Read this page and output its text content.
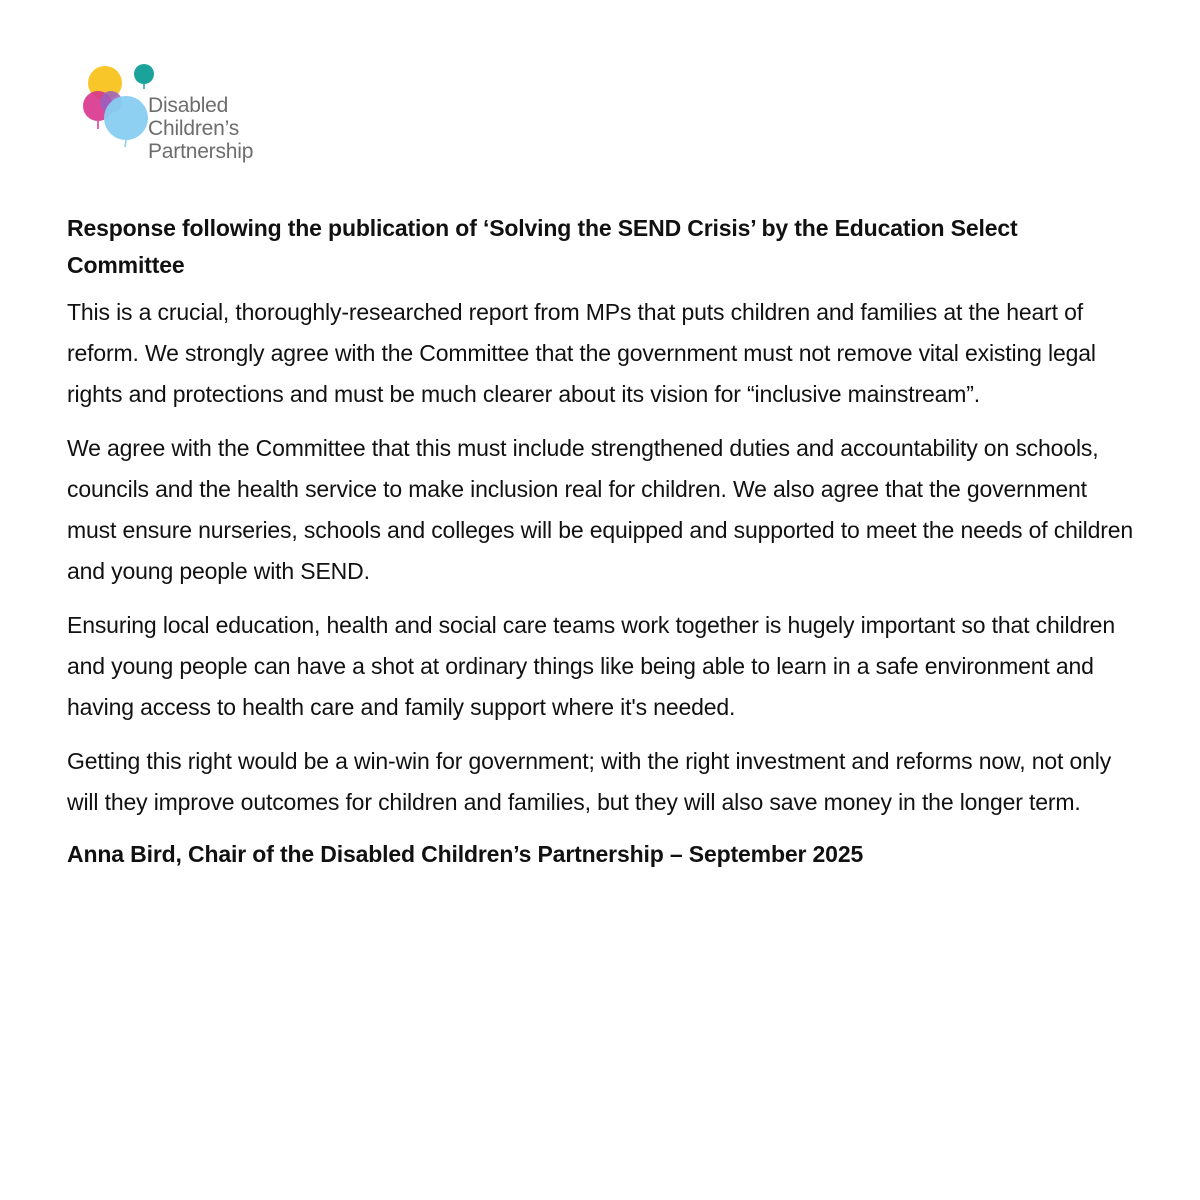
Disabled
Children’s
Partnership
Response following the publication of ‘Solving the SEND Crisis’ by the Education Select Committee

This is a crucial, thoroughly-researched report from MPs that puts children and families at the heart of reform. We strongly agree with the Committee that the government must not remove vital existing legal rights and protections and must be much clearer about its vision for “inclusive mainstream”.

We agree with the Committee that this must include strengthened duties and accountability on schools, councils and the health service to make inclusion real for children. We also agree that the government must ensure nurseries, schools and colleges will be equipped and supported to meet the needs of children and young people with SEND.

Ensuring local education, health and social care teams work together is hugely important so that children and young people can have a shot at ordinary things like being able to learn in a safe environment and having access to health care and family support where it's needed.

Getting this right would be a win-win for government; with the right investment and reforms now, not only will they improve outcomes for children and families, but they will also save money in the longer term.

Anna Bird, Chair of the Disabled Children’s Partnership – September 2025
